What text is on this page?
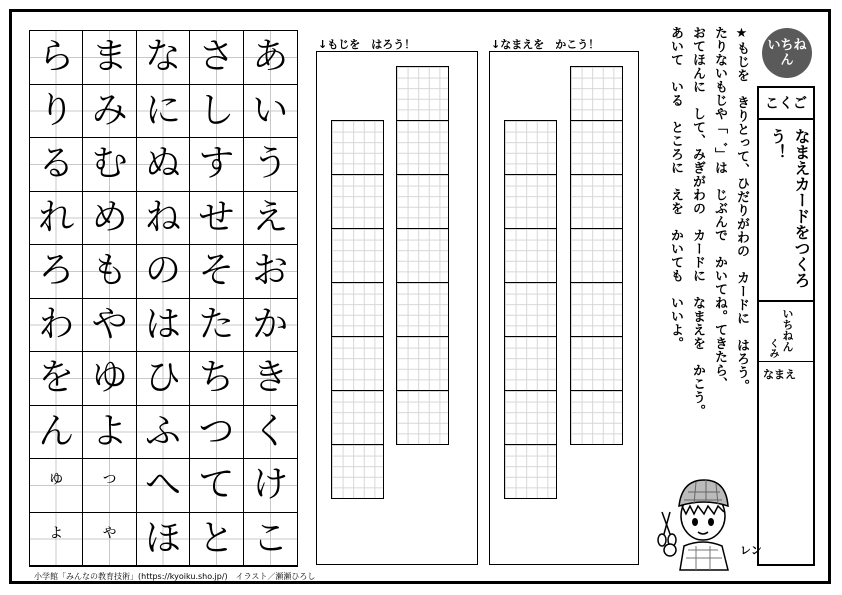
ら ま な さ あ
り み に し い
る む ぬ す う
れ め ね せ え
ろ も の そ お
わ や は た か
を ゆ ひ ち き
ん よ ふ つ く
ゅ	っ へ て け
ょ	ゃ ほ と こ
↓もじを　はろう！	↓なまえを　かこう！	★もじを　きりとって、ひだりがわの　カードに　はろう。

たりないもじや「゛」は　じぶんで　かいてね。てきたら、

おてほんに　して、みぎがわの　カードに　なまえを　かこう。

あいて　いる　ところに　えを　かいても　いいよ。

レン
いちねん
こくご
なまえカードをつくろう！
いちねん
くみ
なまえ
小学館「みんなの教育技術」(https://kyoiku.sho.jp/)　イラスト／瀬瀬ひろし
